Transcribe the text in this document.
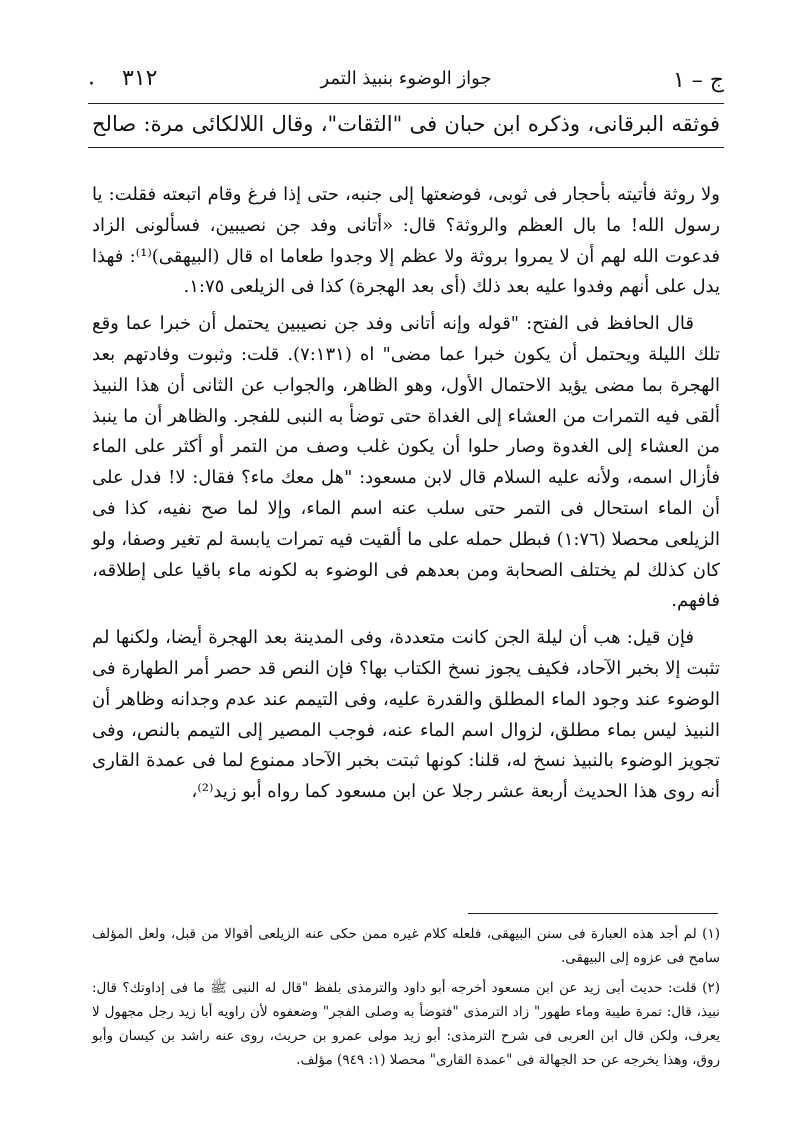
· ٣١٢	جواز الوضوء بنبيذ التمر	ج – ١
فوثقه البرقانى، وذكره ابن حبان فى "الثقات"، وقال اللالكائى مرة: صالح

ولا روثة فأتيته بأحجار فى ثوبى، فوضعتها إلى جنبه، حتى إذا فرغ وقام اتبعته فقلت: يا رسول الله! ما بال العظم والروثة؟ قال: «أتانى وفد جن نصيبين، فسألونى الزاد فدعوت الله لهم أن لا يمروا بروثة ولا عظم إلا وجدوا طعاما اه قال (البيهقى)⁽¹⁾: فهذا يدل على أنهم وفدوا عليه بعد ذلك (أى بعد الهجرة) كذا فى الزيلعى ١:٧٥.

قال الحافظ فى الفتح: "قوله وإنه أتانى وفد جن نصيبين يحتمل أن خبرا عما وقع تلك الليلة ويحتمل أن يكون خبرا عما مضى" اه (٧:١٣١). قلت: وثبوت وفادتهم بعد الهجرة بما مضى يؤيد الاحتمال الأول، وهو الظاهر، والجواب عن الثانى أن هذا النبيذ ألقى فيه التمرات من العشاء إلى الغداة حتى توضأ به النبى للفجر. والظاهر أن ما ينبذ من العشاء إلى الغدوة وصار حلوا أن يكون غلب وصف من التمر أو أكثر على الماء فأزال اسمه، ولأنه عليه السلام قال لابن مسعود: "هل معك ماء؟ فقال: لا! فدل على أن الماء استحال فى التمر حتى سلب عنه اسم الماء، وإلا لما صح نفيه، كذا فى الزيلعى محصلا (١:٧٦) فبطل حمله على ما ألقيت فيه تمرات يابسة لم تغير وصفا، ولو كان كذلك لم يختلف الصحابة ومن بعدهم فى الوضوء به لكونه ماء باقيا على إطلاقه، فافهم.

فإن قيل: هب أن ليلة الجن كانت متعددة، وفى المدينة بعد الهجرة أيضا، ولكنها لم تثبت إلا بخبر الآحاد، فكيف يجوز نسخ الكتاب بها؟ فإن النص قد حصر أمر الطهارة فى الوضوء عند وجود الماء المطلق والقدرة عليه، وفى التيمم عند عدم وجدانه وظاهر أن النبيذ ليس بماء مطلق، لزوال اسم الماء عنه، فوجب المصير إلى التيمم بالنص، وفى تجويز الوضوء بالنبيذ نسخ له، قلنا: كونها ثبتت بخبر الآحاد ممنوع لما فى عمدة القارى أنه روى هذا الحديث أربعة عشر رجلا عن ابن مسعود كما رواه أبو زيد⁽²⁾،

(١) لم أجد هذه العبارة فى سنن البيهقى، فلعله كلام غيره ممن حكى عنه الزيلعى أقوالا من قبل، ولعل المؤلف سامح فى عزوه إلى البيهقى.

(٢) قلت: حديث أبى زيد عن ابن مسعود أخرجه أبو داود والترمذى بلفظ "قال له النبى ﷺ ما فى إداوتك؟ قال: نبيذ، قال: تمرة طيبة وماء طهور" زاد الترمذى "فتوضأ به وصلى الفجر" وضعفوه لأن راويه أبا زيد رجل مجهول لا يعرف، ولكن قال ابن العربى فى شرح الترمذى: أبو زيد مولى عمرو بن حريث، روى عنه راشد بن كيسان وأبو روق، وهذا يخرجه عن حد الجهالة فى "عمدة القارى" محصلا (١: ٩٤٩) مؤلف.
